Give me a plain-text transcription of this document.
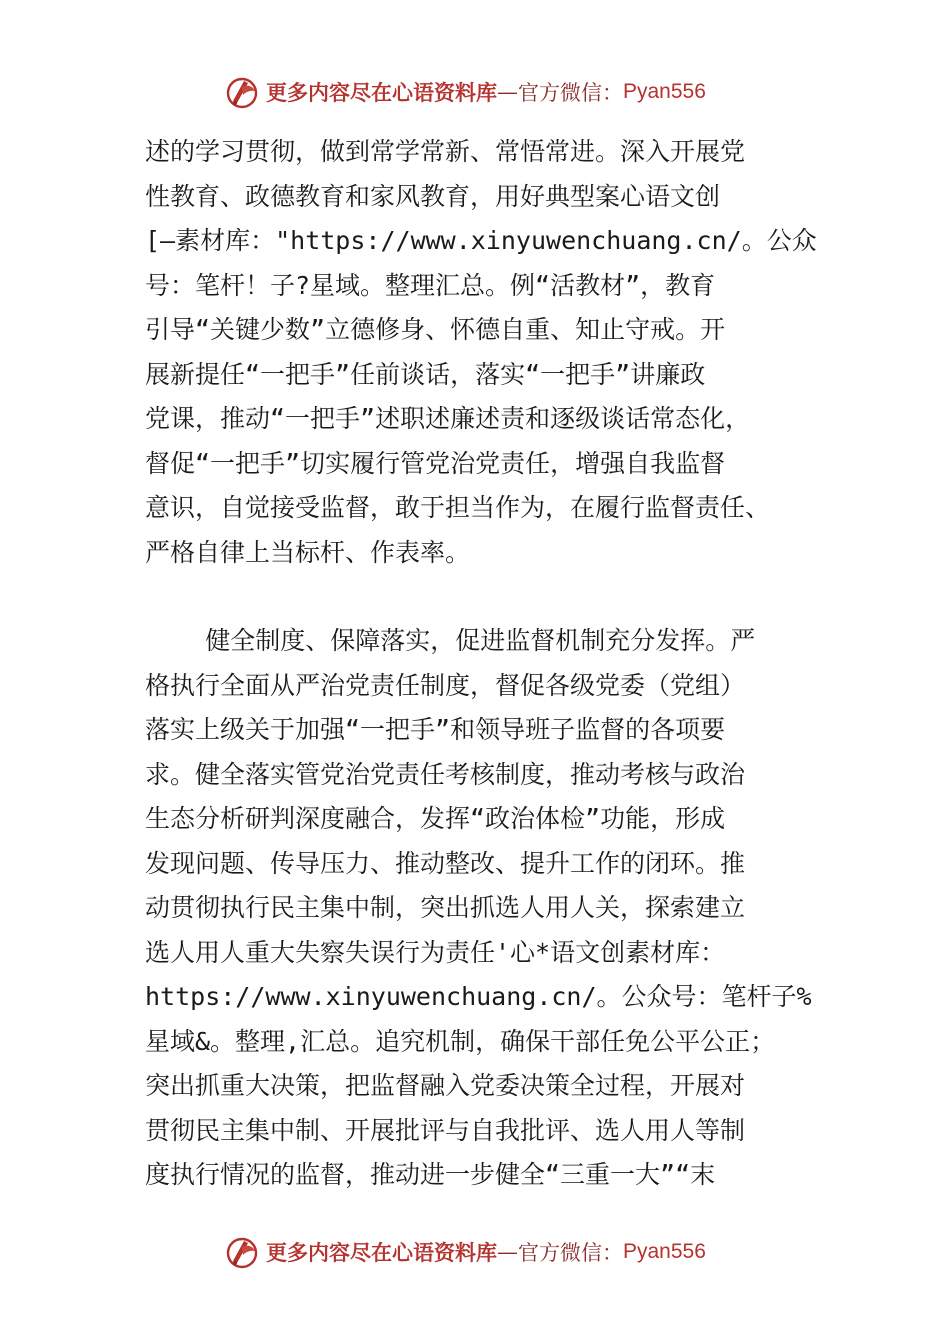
更多内容尽在心语资料库 — 官方微信： Pyan556
述的学习贯彻，做到常学常新、常悟常进。深入开展党
性教育、政德教育和家风教育，用好典型案心语文创
[—素材库："https://www.xinyuwenchuang.cn/。公众
号：笔杆！子?星域。整理汇总。例“活教材”，教育
引导“关键少数”立德修身、怀德自重、知止守戒。开
展新提任“一把手”任前谈话，落实“一把手”讲廉政
党课，推动“一把手”述职述廉述责和逐级谈话常态化，
督促“一把手”切实履行管党治党责任，增强自我监督
意识，自觉接受监督，敢于担当作为，在履行监督责任、
严格自律上当标杆、作表率。
健全制度、保障落实，促进监督机制充分发挥。严
格执行全面从严治党责任制度，督促各级党委（党组）
落实上级关于加强“一把手”和领导班子监督的各项要
求。健全落实管党治党责任考核制度，推动考核与政治
生态分析研判深度融合，发挥“政治体检”功能，形成
发现问题、传导压力、推动整改、提升工作的闭环。推
动贯彻执行民主集中制，突出抓选人用人关，探索建立
选人用人重大失察失误行为责任'心*语文创素材库：
https://www.xinyuwenchuang.cn/。公众号：笔杆子%
星域&。整理,汇总。追究机制，确保干部任免公平公正；
突出抓重大决策，把监督融入党委决策全过程，开展对
贯彻民主集中制、开展批评与自我批评、选人用人等制
度执行情况的监督，推动进一步健全“三重一大”“末
更多内容尽在心语资料库 — 官方微信： Pyan556
